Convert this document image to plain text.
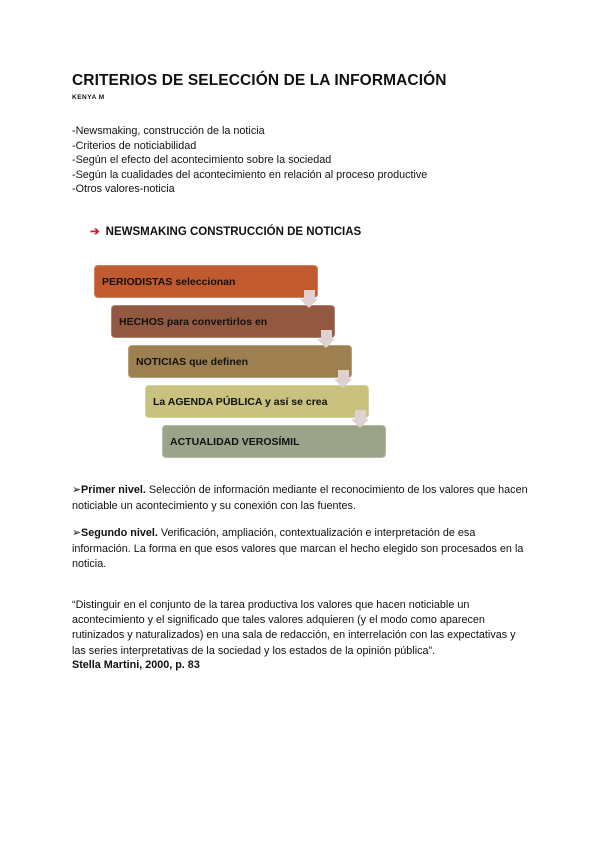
CRITERIOS DE SELECCIÓN DE LA INFORMACIÓN
KENYA M
-Newsmaking, construcción de la noticia
-Criterios de noticiabilidad
-Según el efecto del acontecimiento sobre la sociedad
-Según la cualidades del acontecimiento en relación al proceso productive
-Otros valores-noticia
➔ NEWSMAKING CONSTRUCCIÓN DE NOTICIAS
PERIODISTAS seleccionan
HECHOS para convertirlos en
NOTICIAS que definen
La AGENDA PÚBLICA y así se crea
ACTUALIDAD VEROSÍMIL
➢Primer nivel. Selección de información mediante el reconocimiento de los valores que hacen noticiable un acontecimiento y su conexión con las fuentes.
➢Segundo nivel. Verificación, ampliación, contextualización e interpretación de esa información. La forma en que esos valores que marcan el hecho elegido son procesados en la noticia.
“Distinguir en el conjunto de la tarea productiva los valores que hacen noticiable un acontecimiento y el significado que tales valores adquieren (y el modo como aparecen rutinizados y naturalizados) en una sala de redacción, en interrelación con las expectativas y las series interpretativas de la sociedad y los estados de la opinión pública”.
Stella Martini, 2000, p. 83
